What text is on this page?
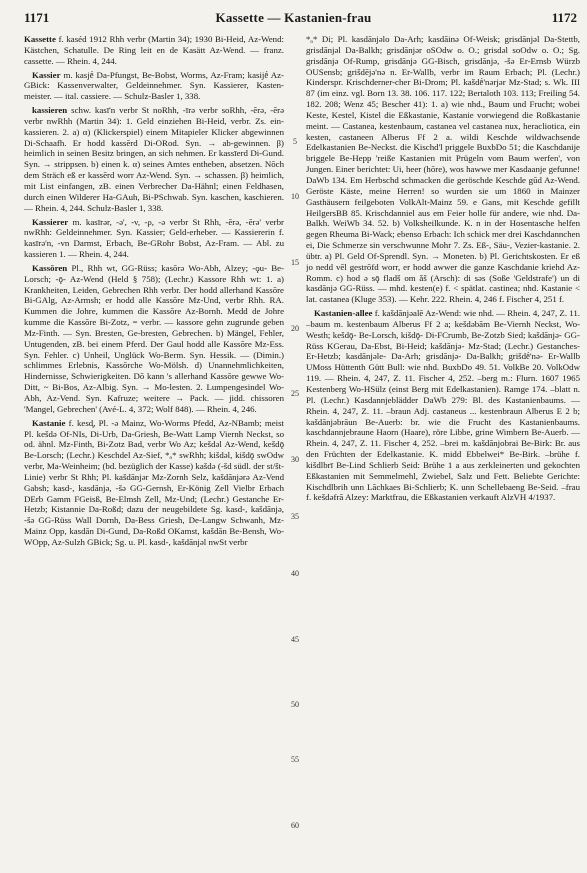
1171	Kassette — Kastanien-frau	1172

Kassette f. kaséd 1912 Rhh verbr (Martin 34); 1930 Bi-Heid, Az-Wend: Kästchen, Schatulle. De Ring leit en de Kasätt Az-Wend. — franz. cassette. — Rhein. 4, 244.

Kassier m. kasjḗ Da-Pfungst, Be-Bobst, Worms, Az-Fram; kasijḗ Az-GBick: Kassenverwalter, Geldeinnehmer. Syn. Kassierer, Kasten-meister. — ital. cassiere. — Schulz-Basler 1, 338.

kassieren schw. kasī'n verbr St noRhh, -īrə verbr soRhh, -ērə, -ērə verbr nwRhh (Martin 34): 1. Geld einziehen Bi-Heid, verbr. Zs. ein-kassieren. 2. a) α) (Klickerspiel) einem Mitapieler Klicker abgewinnen Di-Schaafh. Er hodd kassērd Di-ORod. Syn. → ab-gewinnen. β) heimlich in seinen Besitz bringen, an sich nehmen. Er kassīerd Di-Gund. Syn. → strippsen. b) einen k. α) seines Amtes entheben, absetzen. Nōch dem Sträch eß er kassērd worr Az-Wend. Syn. → schassen. β) heimlich, mit List einfangen, zB. einen Verbrecher Da-Hähnl; einen Feldhasen, durch einen Wilderer Ha-GAuh, Bi-PSchwab. Syn. kaschen, kaschieren. — Rhein. 4, 244. Schulz-Basler 1, 338.

Kassierer m. kasīrər, -ə', -v, -ρ, -ə verbr St Rhh, -ērə, -ērə' verbr nwRhh: Geldeinnehmer. Syn. Kassier; Geld-erheber. — Kassiererin f. kasīrə'n, -vn Darmst, Erbach, Be-GRohr Bobst, Az-Fram. — Abl. zu kassieren 1. — Rhein. 4, 244.

Kassōren Pl., Rhh wt, GG-Rüss; kasōrə Wo-Abh, Alzey; -ǫu- Be-Lorsch; -ǭ- Az-Wend (Held § 758); (Lechr.) Kassore Rhh wt: 1. a) Krankheiten, Leiden, Gebrechen Rhh verbr. Der hodd allerhand Kassōre Bi-GAlg, Az-Armsh; er hodd alle Kassōre Mz-Und, verbr Rhh. RA. Kummen die Johre, kummen die Kassōre Az-Bornh. Medd de Johre kumme die Kassōre Bi-Zotz, = verbr. — kassore gehn zugrunde geben Mz-Finth. — Syn. Bresten, Ge-bresten, Gebrechen. b) Mängel, Fehler, Untugenden, zB. bei einem Pferd. Der Gaul hodd alle Kassōre Mz-Ess. Syn. Fehler. c) Unheil, Unglück Wo-Berm. Syn. Hessik. — (Dimin.) schlimmes Erlebnis, Kassōrche Wo-Mölsh. d) Unannehmlichkeiten, Hindernisse, Schwierigkeiten. Dō kann 's allerhand Kassōre gewwe Wo-Ditt, ~ Bi-Bos, Az-Albig. Syn. → Mo-lesten. 2. Lumpengesindel Wo-Abh, Az-Vend. Syn. Kafruze; weitere → Pack. — jidd. chissoren 'Mangel, Gebrechen' (Avé-L. 4, 372; Wolf 848). — Rhein. 4, 246.

Kastanie f. kesd̥, Pl. -ə Mainz, Wo-Worms Pfedd, Az-NBamb; meist Pl. kešdə Of-NIs, Di-Urb, Da-Griesh, Be-Watt Lamp Viernh Neckst, so od. ähnl. Mz-Finth, Bi-Zotz Bad, verbr Wo Az; kešdəl Az-Wend, kešdǭ Be-Lorsch; (Lechr.) Keschdel Az-Sief, *ₒ* swRhh; kišdəl, kišdǭ swOdw verbr, Ma-Weinheim; (bd. bezüglich der Kasse) kašdə (-šd südl. der st/št-Linie) verbr St Rhh; Pl. kašdānjər Mz-Zornh Selz, kašdānjərə Az-Vend Gabsh; kasd-, kasdānjə, -šə GG-Gernsh, Er-König Zell Vielbr Erbach DErb Gamm FGeisß, Be-Elmsh Zell, Mz-Und; (Lechr.) Gestanche Er-Hetzb; Kistannie Da-Roßd; dazu der neugebildete Sg. kasd-, kašdānjə, -šə GG-Rüss Wall Dornh, Da-Bess Griesh, De-Langw Schwanh, Mz-Mainz Opp, kasdān Di-Gund, Da-Roßd OKamst, kašdān Be-Bensh, Wo-WOpp, Az-Sulzh GBick; Sg. u. Pl. kasd-, kašdānjəl nwSt verbr

5
10
15
20
25
30
35
40
45
50
55
60

*ₒ* Di; Pl. kasdānjəlo Da-Arh; kasdāinə Of-Weisk; grisdānjəl Da-Stettb, grisdānjəl Da-Balkh; grisdānjər oSOdw o. O.; grisdəl soOdw o. O.; Sg. grisdānjə Of-Rump, grisdānjə GG-Bisch, grisdānjə, -šə Er-Ernsb Würzb OUSensb; grišdējə'nə n. Er-Wallb, verbr im Raum Erbach; Pl. (Lechr.) Kinderspr. Krischderner-cher Bi-Drom; Pl. kašdḗ'nərjər Mz-Stad; s. Wk. III 87 (im einz. vgl. Born 13. 38. 106. 117. 122; Bertaloth 103. 113; Freiling 54. 182. 208; Wenz 45; Bescher 41): 1. a) wie nhd., Baum und Frucht; wobei Keste, Kestel, Kistel die Eßkastanie, Kastanie vorwiegend die Roßkastanie meint. — Castanea, kestenbaum, castanea vel castanea nux, heracliotica, ein kesten, castaneen Alberus Ff 2 a. wildi Keschde wildwachsende Edelkastanien Be-Neckst. die Kischd'l priggele BuxbDo 51; die Kaschdanije briggele Be-Hepp 'reiße Kastanien mit Prügeln vom Baum werfen', von Jungen. Einer berichtet: Ui, heer (hōre), wos hawwe mer Kasdaanje gefunne! DaWb 134. Em Herbschd schmacken die geröschde Keschde gūd Az-Wend. Geröste Käste, meine Herren! so wurden sie um 1860 in Mainzer Gasthäusern feilgeboten VolkAlt-Mainz 59. e Gans, mit Keschde gefillt HeilgersBB 85. Krischdanniel aus em Feier holle für andere, wie nhd. Da-Balkh. WeiWb 34. 52. b) Volksheilkunde. K. n in der Hosentasche helfen gegen Rheuma Bi-Wack; ebenso Erbach: Ich schick mer drei Kaschdannchen ei, Die Schmerze sin verschwunne Mohr 7. Zs. Eß-, Säu-, Vezier-kastanie. 2. übtr. a) Pl. Geld Of-Sprendl. Syn. → Moneten. b) Pl. Gerichtskosten. Er eß jo nedd vēl gestrōfd worr, er hodd awwer die ganze Kaschdanie kriehd Az-Romm. c) hod ə sǭ fladš om ǎš (Arsch): di səs (Soße 'Geldstrafe') un di kasdānjə GG-Rüss. — mhd. kesten(e) f. < spätlat. castinea; nhd. Kastanie < lat. castanea (Kluge 353). — Kehr. 222. Rhein. 4, 246 f. Fischer 4, 251 f.

Kastanien-allee f. kašdānjəalē Az-Wend: wie nhd. — Rhein. 4, 247, Z. 11. –baum m. kestenbaum Alberus Ff 2 a; kešdəbām Be-Viernh Neckst, Wo-Westh; kešdǭ- Be-Lorsch, kišdǭ- Di-FCrumb, Be-Zotzb Sied; kašdānjə- GG-Rüss KGerau, Da-Ebst, Bi-Heid; kašdānjə- Mz-Stad; (Lechr.) Gestanches- Er-Hetzb; kasdānjəle- Da-Arh; grisdānjə- Da-Balkh; grišdḗ'nə- Er-Wallb UMoss Hüttenth Gütt Bull: wie nhd. BuxbDo 49. 51. VolkBe 20. VolkOdw 119. — Rhein. 4, 247, Z. 11. Fischer 4, 252. –berg m.: Flurn. 1607 1965 Kestenberg Wo-HSülz (einst Berg mit Edelkastanien). Ramge 174. –blatt n. Pl. (Lechr.) Kasdannjeblädder DaWb 279: Bl. des Kastanienbaums. — Rhein. 4, 247, Z. 11. –braun Adj. castaneus ... kestenbraun Alberus E 2 b; kašdānjəbrāun Be-Auerb: br. wie die Frucht des Kastanienbaums. kaschdannjebraune Haorn (Haare), röre Libbe, grine Wimbern Be-Auerb. — Rhein. 4, 247, Z. 11. Fischer 4, 252. –brei m. kašdānjobrai Be-Birk: Br. aus den Früchten der Edelkastanie. K. midd Ebbelwei* Be-Birk. –brühe f. kišdlbrī Be-Lind Schlierb Seid: Brühe 1 a aus zerkleinerten und gekochten Eßkastanien mit Semmelmehl, Zwiebel, Salz und Fett. Beliebte Gerichte: Kischdlbrih unn Lāchkaes Bi-Schlierb; K. unn Schellebaeng Be-Seid. –frau f. kešdǝfrā Alzey: Marktfrau, die Eßkastanien verkauft AlzVH 4/1937.
